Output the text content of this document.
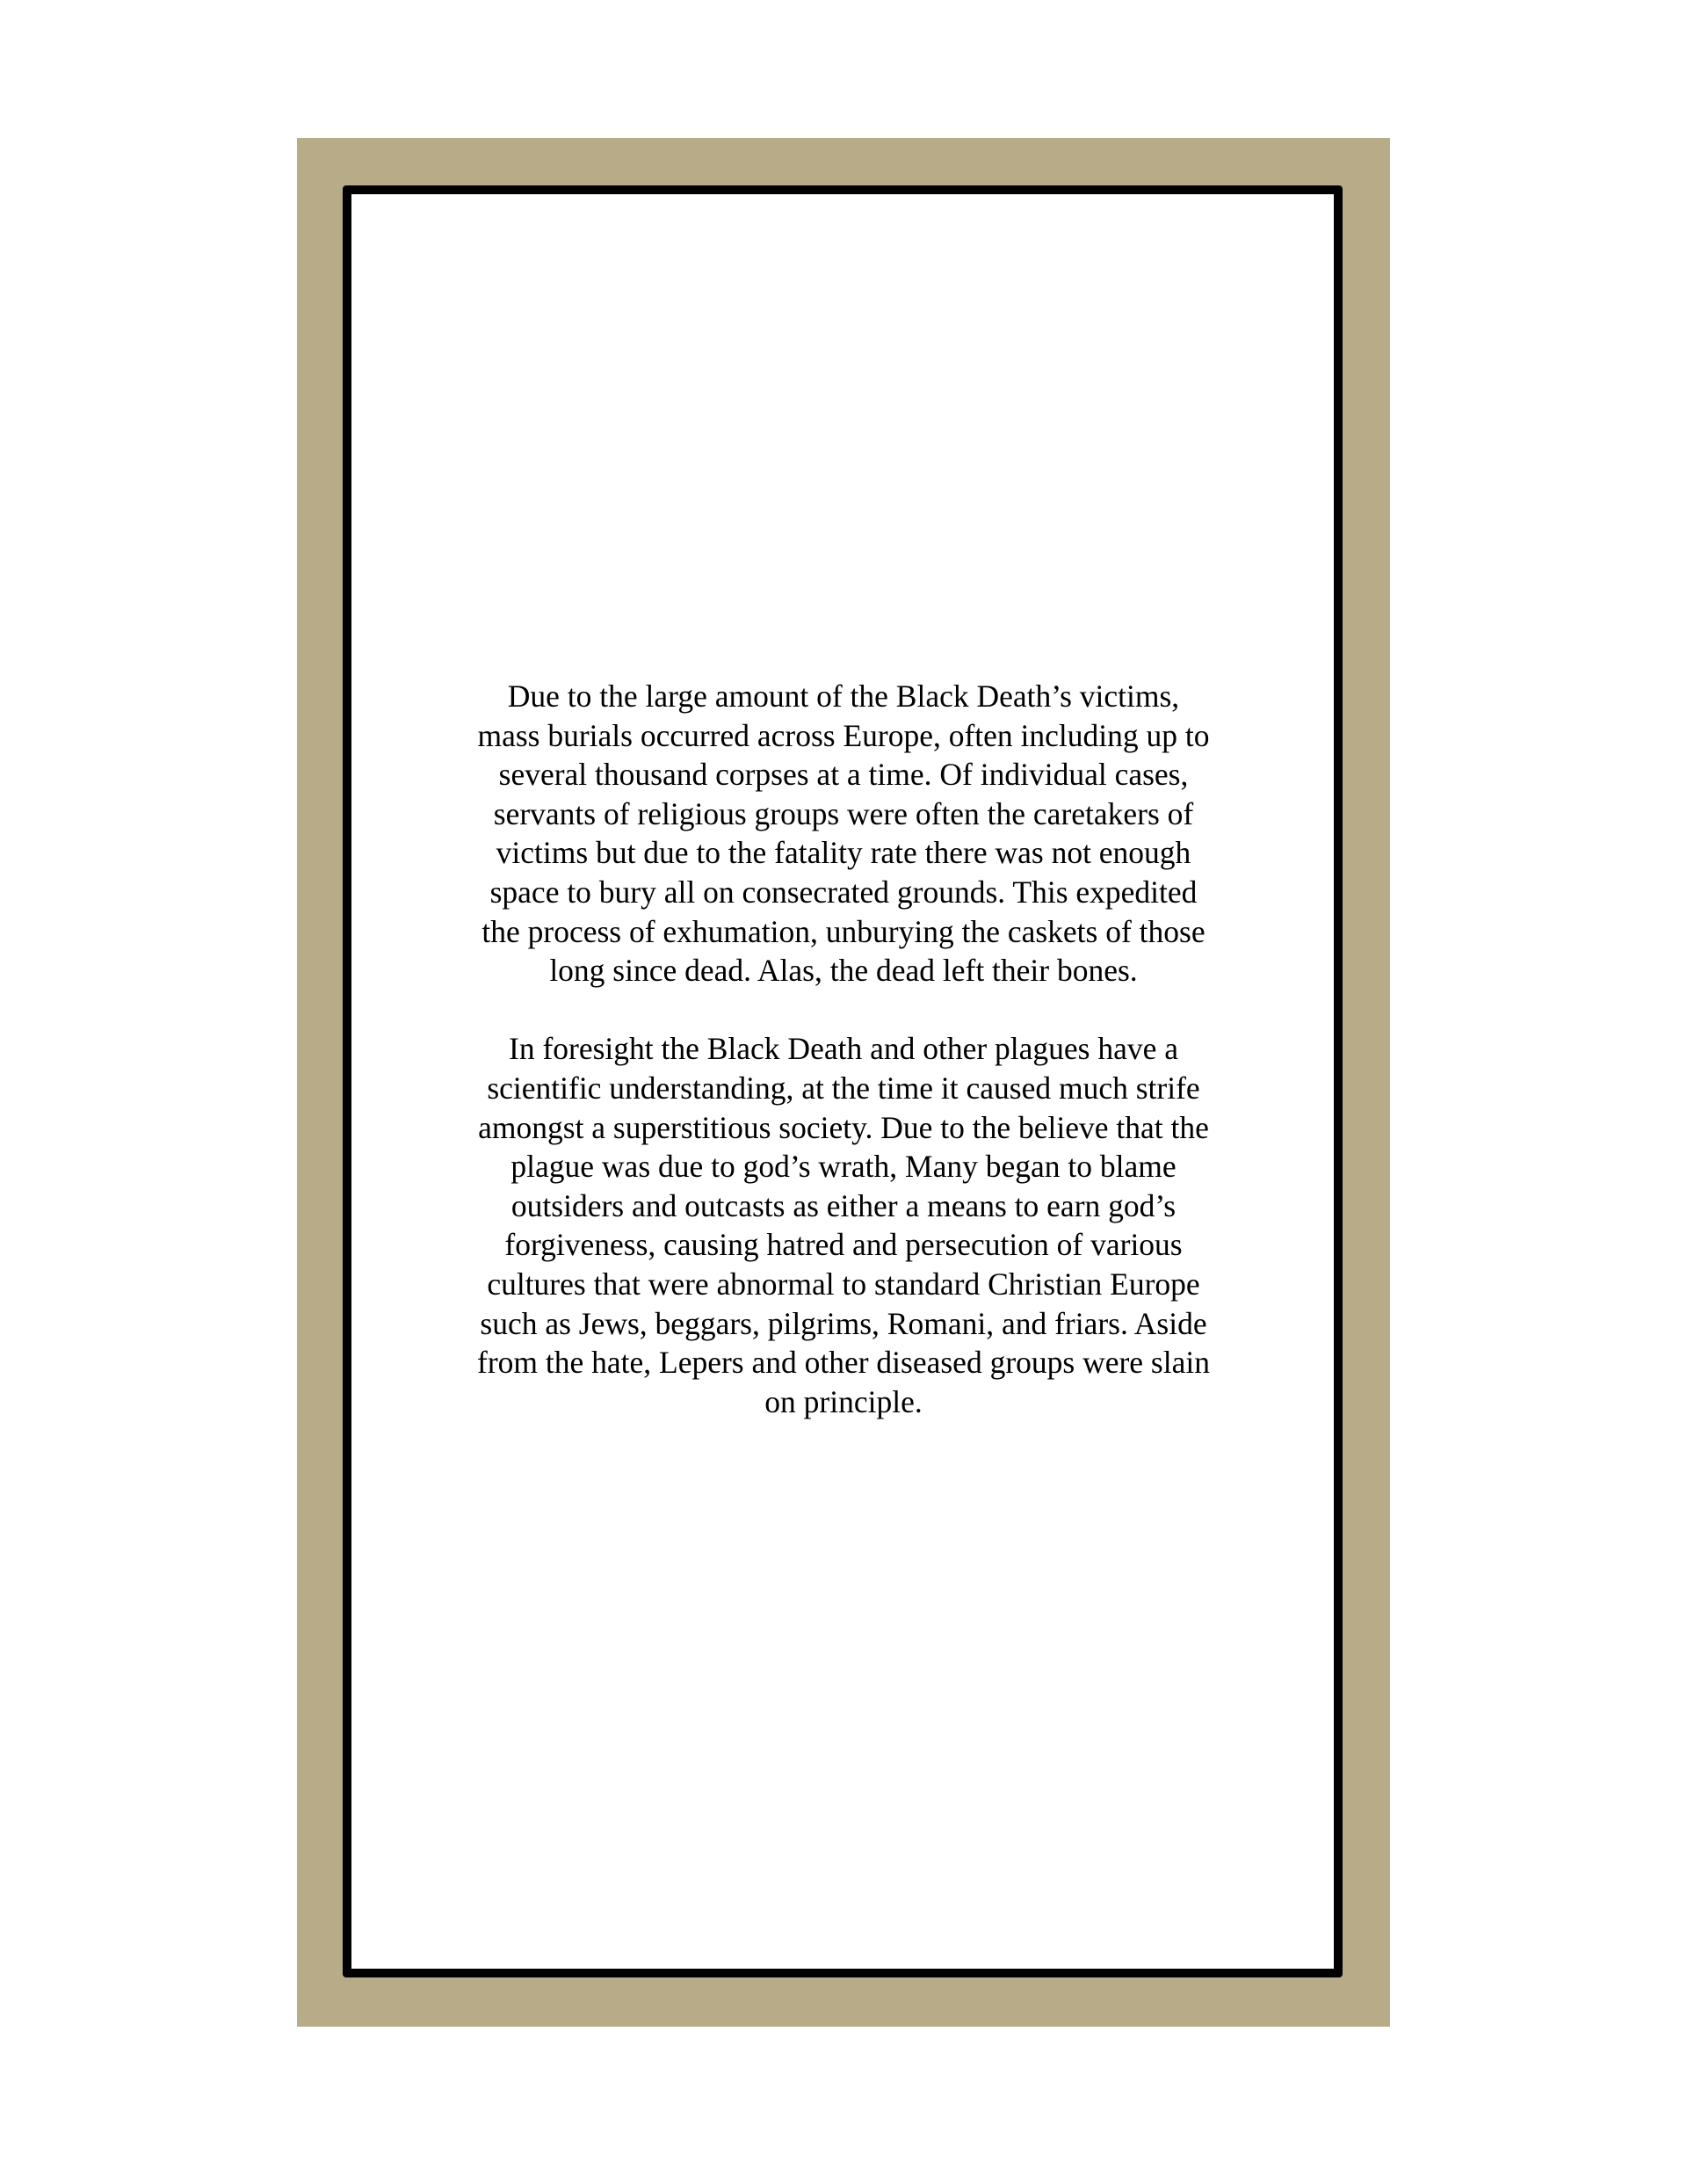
Due to the large amount of the Black Death’s victims,
mass burials occurred across Europe, often including up to
several thousand corpses at a time. Of individual cases,
servants of religious groups were often the caretakers of
victims but due to the fatality rate there was not enough
space to bury all on consecrated grounds. This expedited
the process of exhumation, unburying the caskets of those
long since dead. Alas, the dead left their bones.

In foresight the Black Death and other plagues have a
scientific understanding, at the time it caused much strife
amongst a superstitious society. Due to the believe that the
plague was due to god’s wrath, Many began to blame
outsiders and outcasts as either a means to earn god’s
forgiveness, causing hatred and persecution of various
cultures that were abnormal to standard Christian Europe
such as Jews, beggars, pilgrims, Romani, and friars. Aside
from the hate, Lepers and other diseased groups were slain
on principle.
